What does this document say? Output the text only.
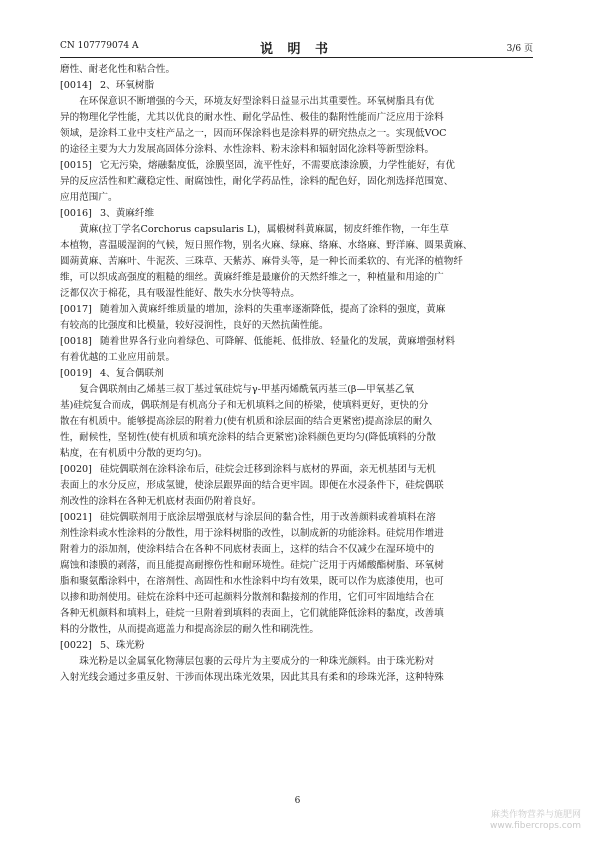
CN 107779074 A	说 明 书	3/6 页

磨性、耐老化性和粘合性。

[0014] 2、环氧树脂

在环保意识不断增强的今天，环境友好型涂料日益显示出其重要性。环氧树脂具有优

异的物理化学性能，尤其以优良的耐水性、耐化学品性、极佳的黏附性能而广泛应用于涂料

领域，是涂料工业中支柱产品之一，因而环保涂料也是涂料界的研究热点之一。实现低VOC

的途径主要为大力发展高固体分涂料、水性涂料、粉末涂料和辐射固化涂料等新型涂料。

[0015] 它无污染，熔融黏度低，涂膜坚固，流平性好，不需要底漆涂膜，力学性能好，有优

异的反应活性和贮藏稳定性、耐腐蚀性，耐化学药品性，涂料的配色好，固化剂选择范围宽、

应用范围广。

[0016] 3、黄麻纤维

黄麻(拉丁学名Corchorus capsularis L)，属椴树科黄麻属，韧皮纤维作物，一年生草

本植物，喜温暖湿润的气候，短日照作物，别名火麻、绿麻、络麻、水络麻、野洋麻、圆果黄麻、

圆蒴黄麻、苦麻叶、牛泥茨、三珠草、天紫苏、麻骨头等，是一种长而柔软的、有光泽的植物纤

维，可以织成高强度的粗糙的细丝。黄麻纤维是最廉价的天然纤维之一，种植量和用途的广

泛都仅次于棉花，具有吸湿性能好、散失水分快等特点。

[0017] 随着加入黄麻纤维质量的增加，涂料的失重率逐渐降低，提高了涂料的强度，黄麻

有较高的比强度和比模量，较好浸润性，良好的天然抗菌性能。

[0018] 随着世界各行业向着绿色、可降解、低能耗、低排放、轻量化的发展，黄麻增强材料

有着优越的工业应用前景。

[0019] 4、复合偶联剂

复合偶联剂由乙烯基三叔丁基过氧硅烷与γ-甲基丙烯酰氧丙基三(β—甲氧基乙氧

基)硅烷复合而成，偶联剂是有机高分子和无机填料之间的桥梁，使填料更好，更快的分

散在有机质中。能够提高涂层的附着力(使有机质和涂层面的结合更紧密)提高涂层的耐久

性，耐候性，坚韧性(使有机质和填充涂料的结合更紧密)涂料颜色更均匀(降低填料的分散

粘度，在有机质中分散的更均匀)。

[0020] 硅烷偶联剂在涂料涂布后，硅烷会迁移到涂料与底材的界面，亲无机基团与无机

表面上的水分反应，形成氢键，使涂层跟界面的结合更牢固。即便在水浸条件下，硅烷偶联

剂改性的涂料在各种无机底材表面仍附着良好。

[0021] 硅烷偶联剂用于底涂层增强底材与涂层间的黏合性，用于改善颜料或着填料在溶

剂性涂料或水性涂料的分散性，用于涂料树脂的改性，以制成新的功能涂料。硅烷用作增进

附着力的添加剂，使涂料结合在各种不同底材表面上，这样的结合不仅减少在湿环境中的

腐蚀和漆膜的剥落，而且能提高耐擦伤性和耐环境性。硅烷广泛用于丙烯酸酯树脂、环氧树

脂和聚氨酯涂料中，在溶剂性、高固性和水性涂料中均有效果，既可以作为底漆使用，也可

以掺和助剂使用。硅烷在涂料中还可起颜料分散剂和黏接剂的作用，它们可牢固地结合在

各种无机颜料和填料上，硅烷一旦附着到填料的表面上，它们就能降低涂料的黏度，改善填

料的分散性，从而提高遮盖力和提高涂层的耐久性和刷洗性。

[0022] 5、珠光粉

珠光粉是以金属氧化物薄层包裹的云母片为主要成分的一种珠光颜料。由于珠光粉对

入射光线会通过多重反射、干涉而体现出珠光效果，因此其具有柔和的珍珠光泽，这种特殊

6
麻类作物营养与施肥网
www.fibercrops.com
